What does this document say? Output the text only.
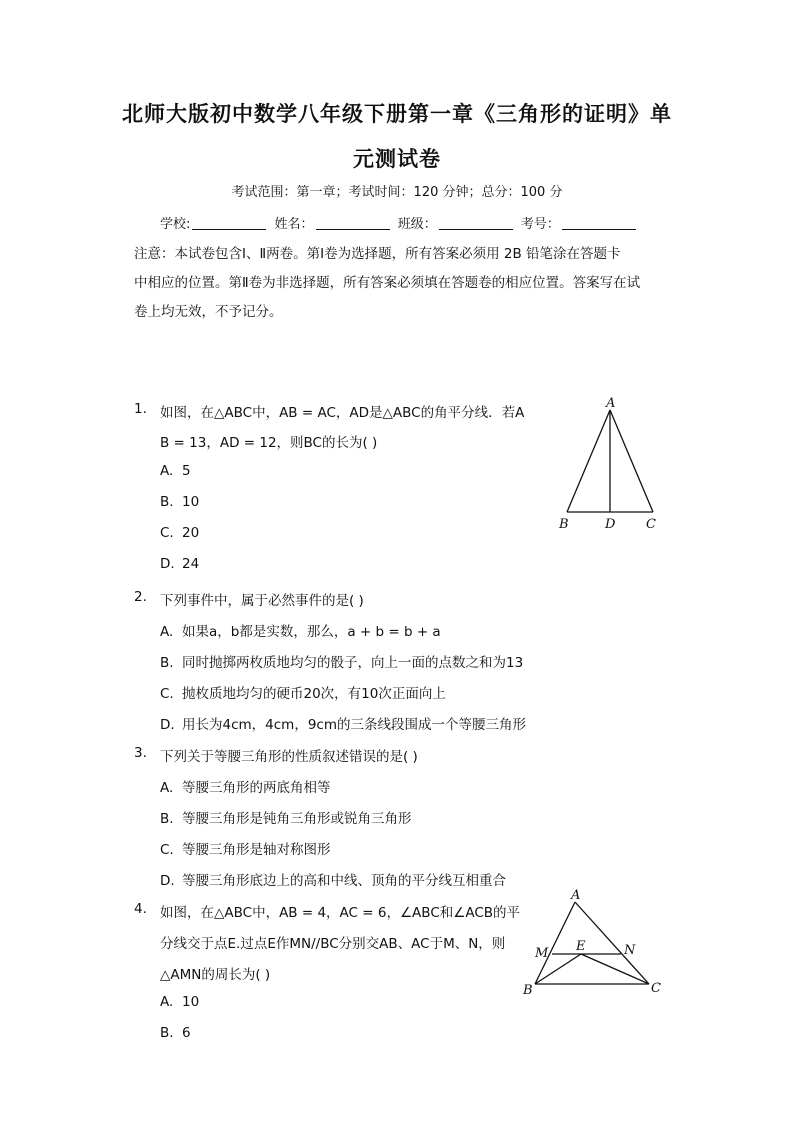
北师大版初中数学八年级下册第一章《三角形的证明》单
元测试卷
考试范围：第一章；考试时间：120 分钟；总分：100 分
学校:	姓名：	班级：	考号：
注意：本试卷包含Ⅰ、Ⅱ两卷。第Ⅰ卷为选择题，所有答案必须用 2B 铅笔涂在答题卡
中相应的位置。第Ⅱ卷为非选择题，所有答案必须填在答题卷的相应位置。答案写在试
卷上均无效，不予记分。
1. 如图，在△ABC中，AB = AC，AD是△ABC的角平分线．若A
B = 13，AD = 12，则BC的长为( )
A. 5
B. 10
C. 20
D. 24
A
B	D C
2. 下列事件中，属于必然事件的是( )
A. 如果a，b都是实数，那么，a + b = b + a
B. 同时抛掷两枚质地均匀的骰子，向上一面的点数之和为13
C. 抛枚质地均匀的硬币20次，有10次正面向上
D. 用长为4cm，4cm，9cm的三条线段围成一个等腰三角形
3. 下列关于等腰三角形的性质叙述错误的是( )
A. 等腰三角形的两底角相等
B. 等腰三角形是钝角三角形或锐角三角形
C. 等腰三角形是轴对称图形
D. 等腰三角形底边上的高和中线、顶角的平分线互相重合
4. 如图，在△ABC中，AB = 4，AC = 6，∠ABC和∠ACB的平
分线交于点E.过点E作MN//BC分别交AB、AC于M、N，则
△AMN的周长为( )
A. 10
B. 6
A
M E	N
B	C
